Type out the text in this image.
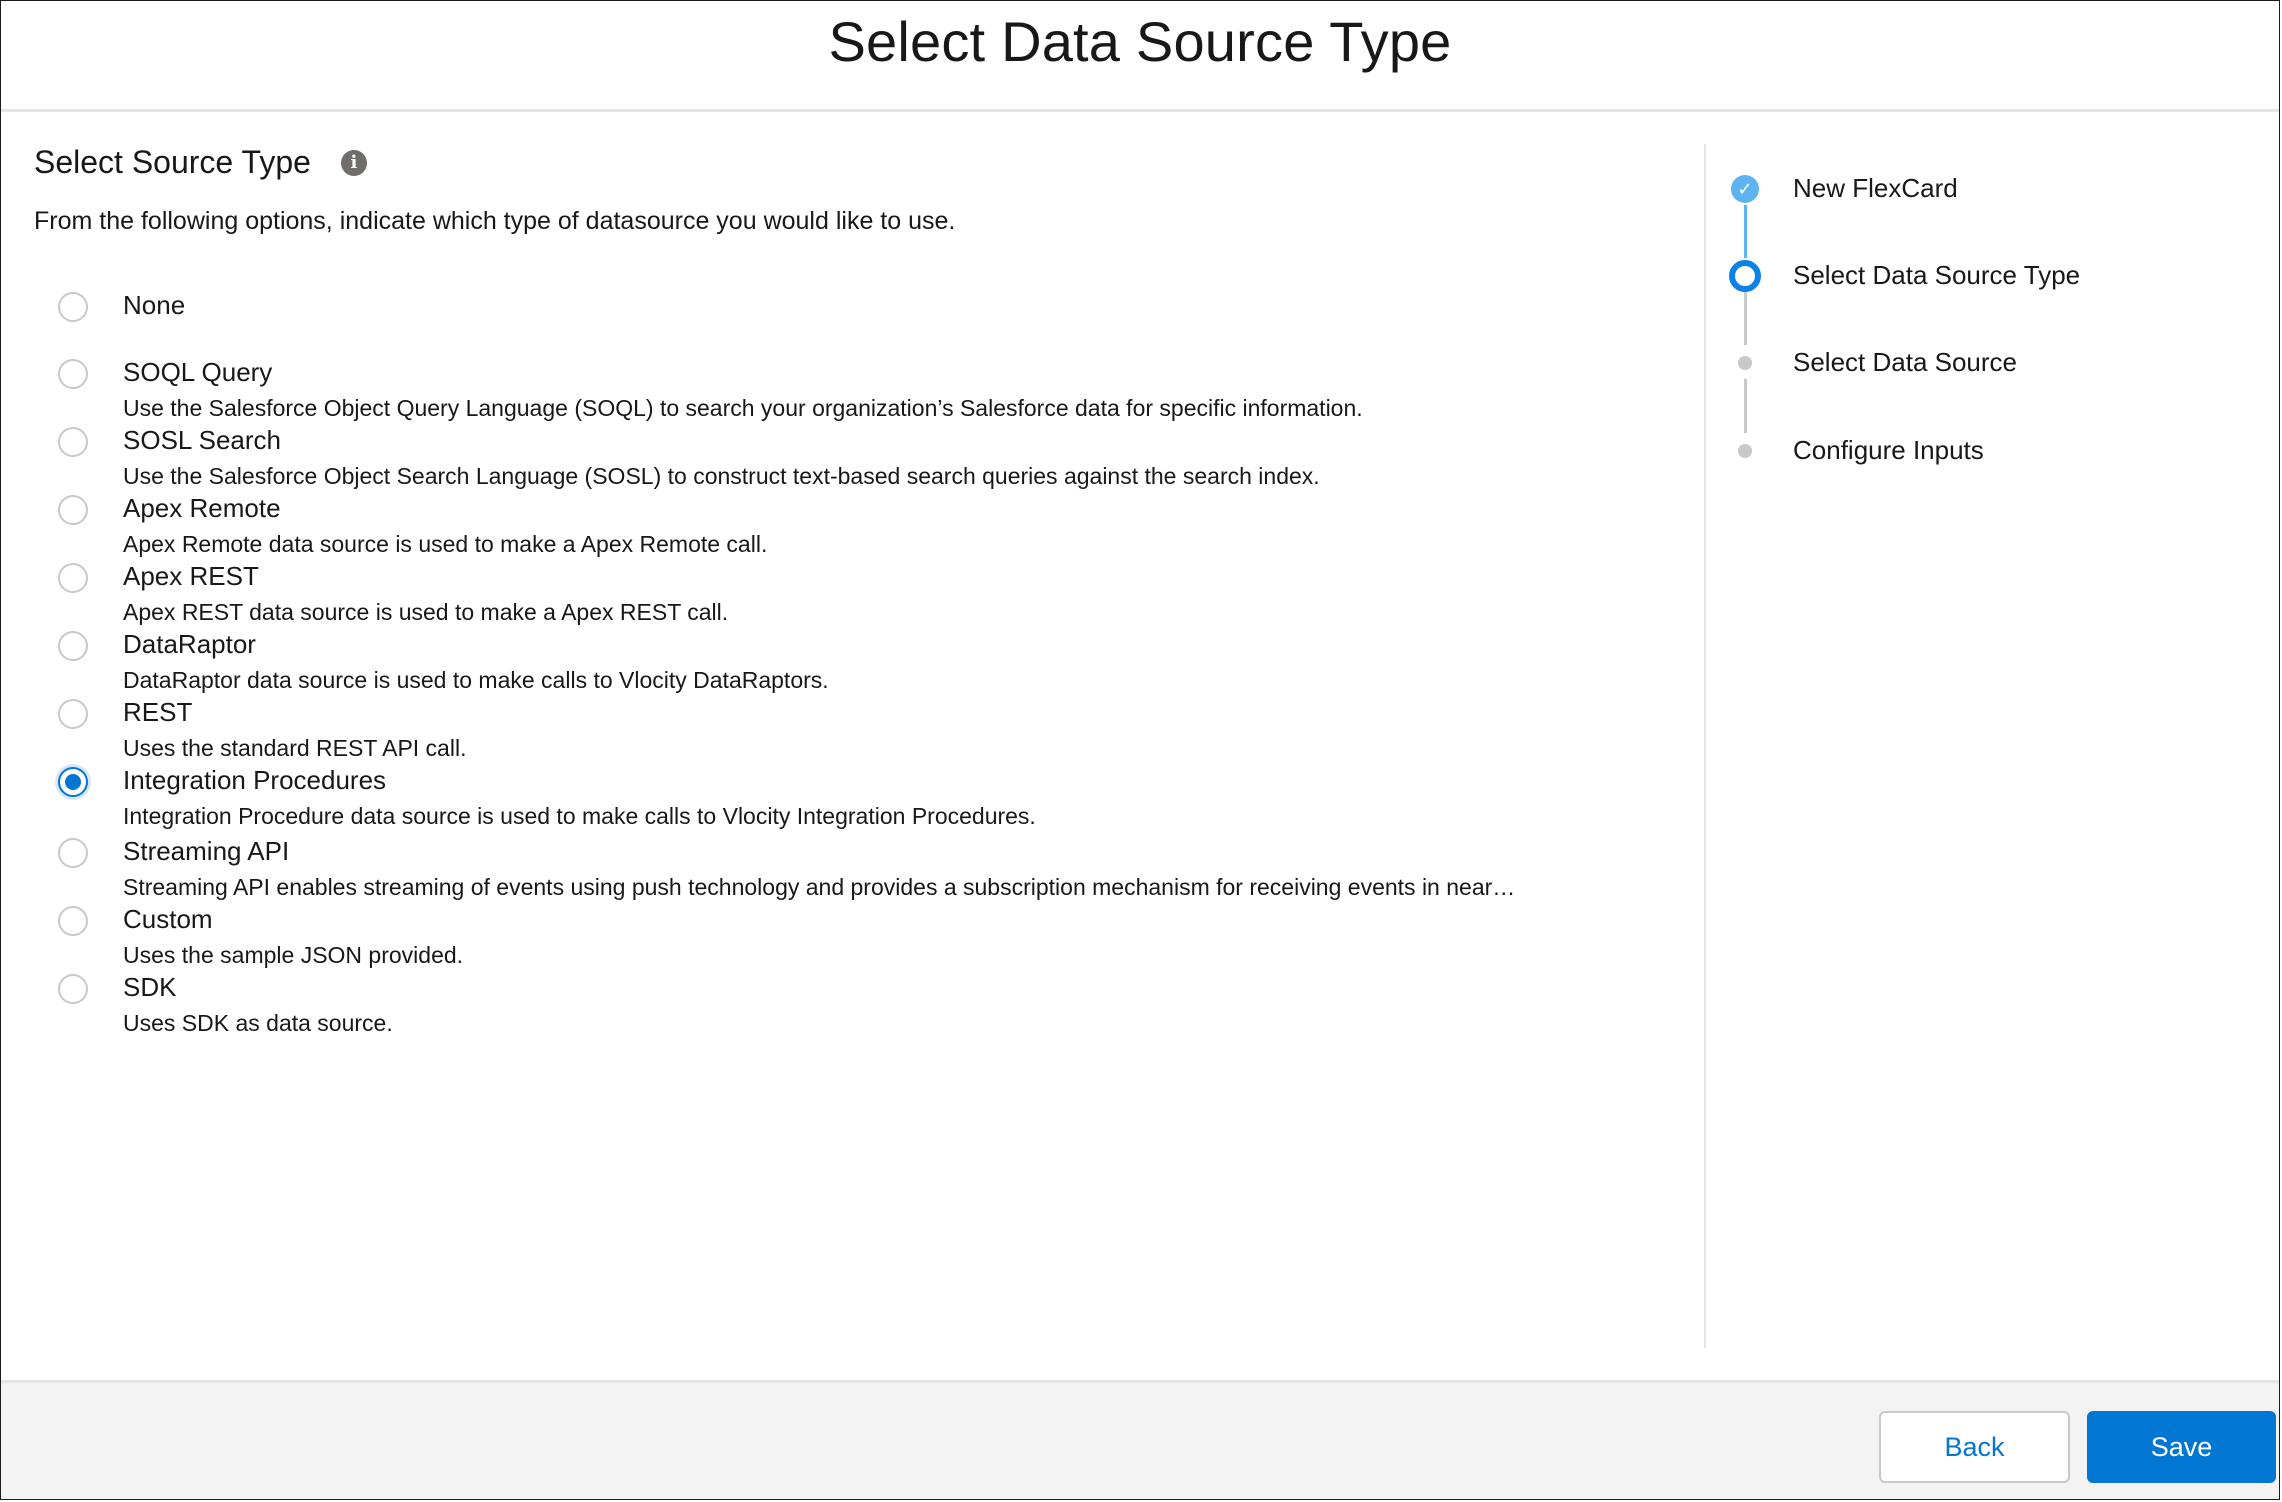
Select Data Source Type
Select Source Type	i
From the following options, indicate which type of datasource you would like to use.
None
SOQL Query
Use the Salesforce Object Query Language (SOQL) to search your organization’s Salesforce data for specific information.
SOSL Search
Use the Salesforce Object Search Language (SOSL) to construct text-based search queries against the search index.
Apex Remote
Apex Remote data source is used to make a Apex Remote call.
Apex REST
Apex REST data source is used to make a Apex REST call.
DataRaptor
DataRaptor data source is used to make calls to Vlocity DataRaptors.
REST
Uses the standard REST API call.
Integration Procedures
Integration Procedure data source is used to make calls to Vlocity Integration Procedures.
Streaming API
Streaming API enables streaming of events using push technology and provides a subscription mechanism for receiving events in near…
Custom
Uses the sample JSON provided.
SDK
Uses SDK as data source.
✓ New FlexCard
Select Data Source Type
Select Data Source
Configure Inputs
Back	Save
